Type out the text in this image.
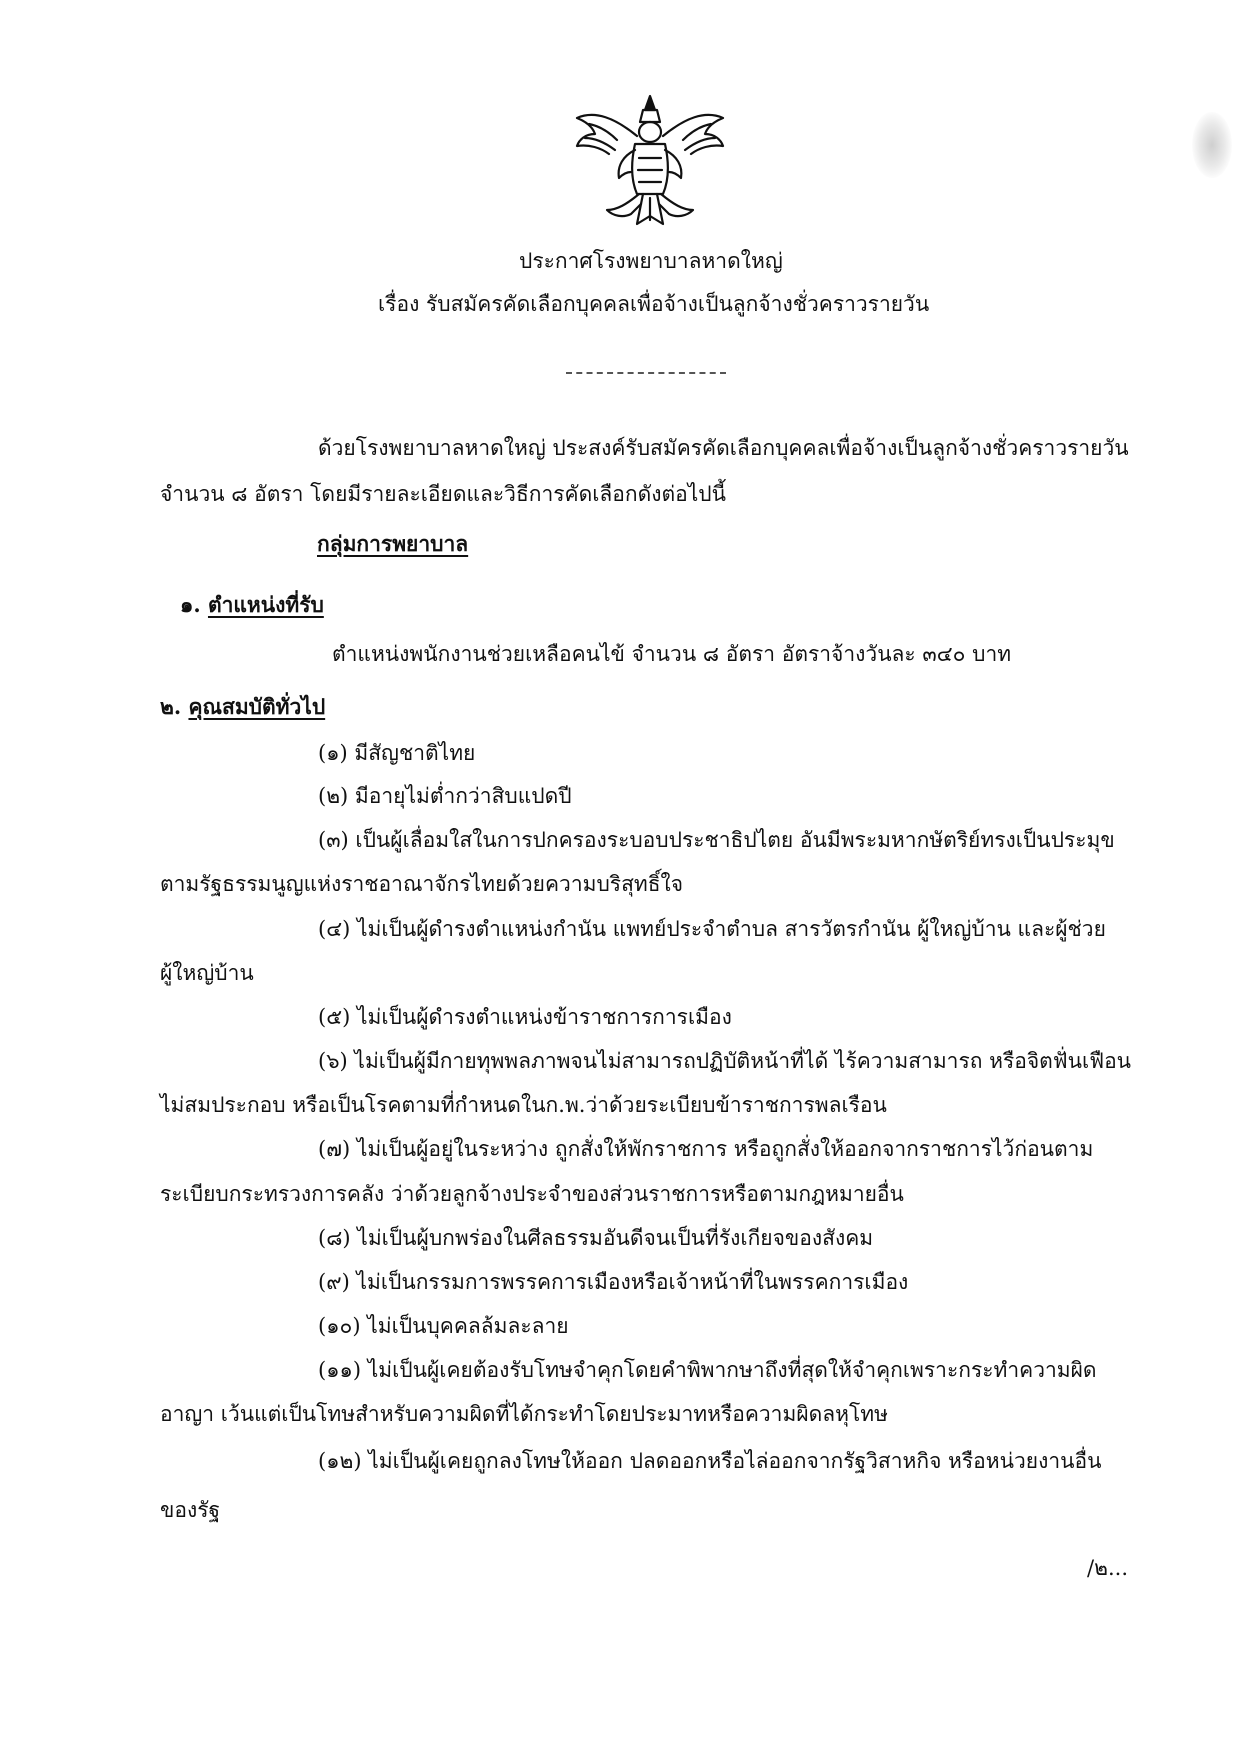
ประกาศโรงพยาบาลหาดใหญ่
เรื่อง รับสมัครคัดเลือกบุคคลเพื่อจ้างเป็นลูกจ้างชั่วคราวรายวัน
ด้วยโรงพยาบาลหาดใหญ่ ประสงค์รับสมัครคัดเลือกบุคคลเพื่อจ้างเป็นลูกจ้างชั่วคราวรายวัน
จำนวน ๘ อัตรา โดยมีรายละเอียดและวิธีการคัดเลือกดังต่อไปนี้
กลุ่มการพยาบาล
๑. ตำแหน่งที่รับ
ตำแหน่งพนักงานช่วยเหลือคนไข้ จำนวน ๘ อัตรา อัตราจ้างวันละ ๓๔๐ บาท
๒. คุณสมบัติทั่วไป
(๑) มีสัญชาติไทย
(๒) มีอายุไม่ต่ำกว่าสิบแปดปี
(๓) เป็นผู้เลื่อมใสในการปกครองระบอบประชาธิปไตย อันมีพระมหากษัตริย์ทรงเป็นประมุข
ตามรัฐธรรมนูญแห่งราชอาณาจักรไทยด้วยความบริสุทธิ์ใจ
(๔) ไม่เป็นผู้ดำรงตำแหน่งกำนัน แพทย์ประจำตำบล สารวัตรกำนัน ผู้ใหญ่บ้าน และผู้ช่วย
ผู้ใหญ่บ้าน
(๕) ไม่เป็นผู้ดำรงตำแหน่งข้าราชการการเมือง
(๖) ไม่เป็นผู้มีกายทุพพลภาพจนไม่สามารถปฏิบัติหน้าที่ได้ ไร้ความสามารถ หรือจิตฟั่นเฟือน
ไม่สมประกอบ หรือเป็นโรคตามที่กำหนดในก.พ.ว่าด้วยระเบียบข้าราชการพลเรือน
(๗) ไม่เป็นผู้อยู่ในระหว่าง ถูกสั่งให้พักราชการ หรือถูกสั่งให้ออกจากราชการไว้ก่อนตาม
ระเบียบกระทรวงการคลัง ว่าด้วยลูกจ้างประจำของส่วนราชการหรือตามกฎหมายอื่น
(๘) ไม่เป็นผู้บกพร่องในศีลธรรมอันดีจนเป็นที่รังเกียจของสังคม
(๙) ไม่เป็นกรรมการพรรคการเมืองหรือเจ้าหน้าที่ในพรรคการเมือง
(๑๐) ไม่เป็นบุคคลล้มละลาย
(๑๑) ไม่เป็นผู้เคยต้องรับโทษจำคุกโดยคำพิพากษาถึงที่สุดให้จำคุกเพราะกระทำความผิด
อาญา เว้นแต่เป็นโทษสำหรับความผิดที่ได้กระทำโดยประมาทหรือความผิดลหุโทษ
(๑๒) ไม่เป็นผู้เคยถูกลงโทษให้ออก ปลดออกหรือไล่ออกจากรัฐวิสาหกิจ หรือหน่วยงานอื่น
ของรัฐ
/๒...
